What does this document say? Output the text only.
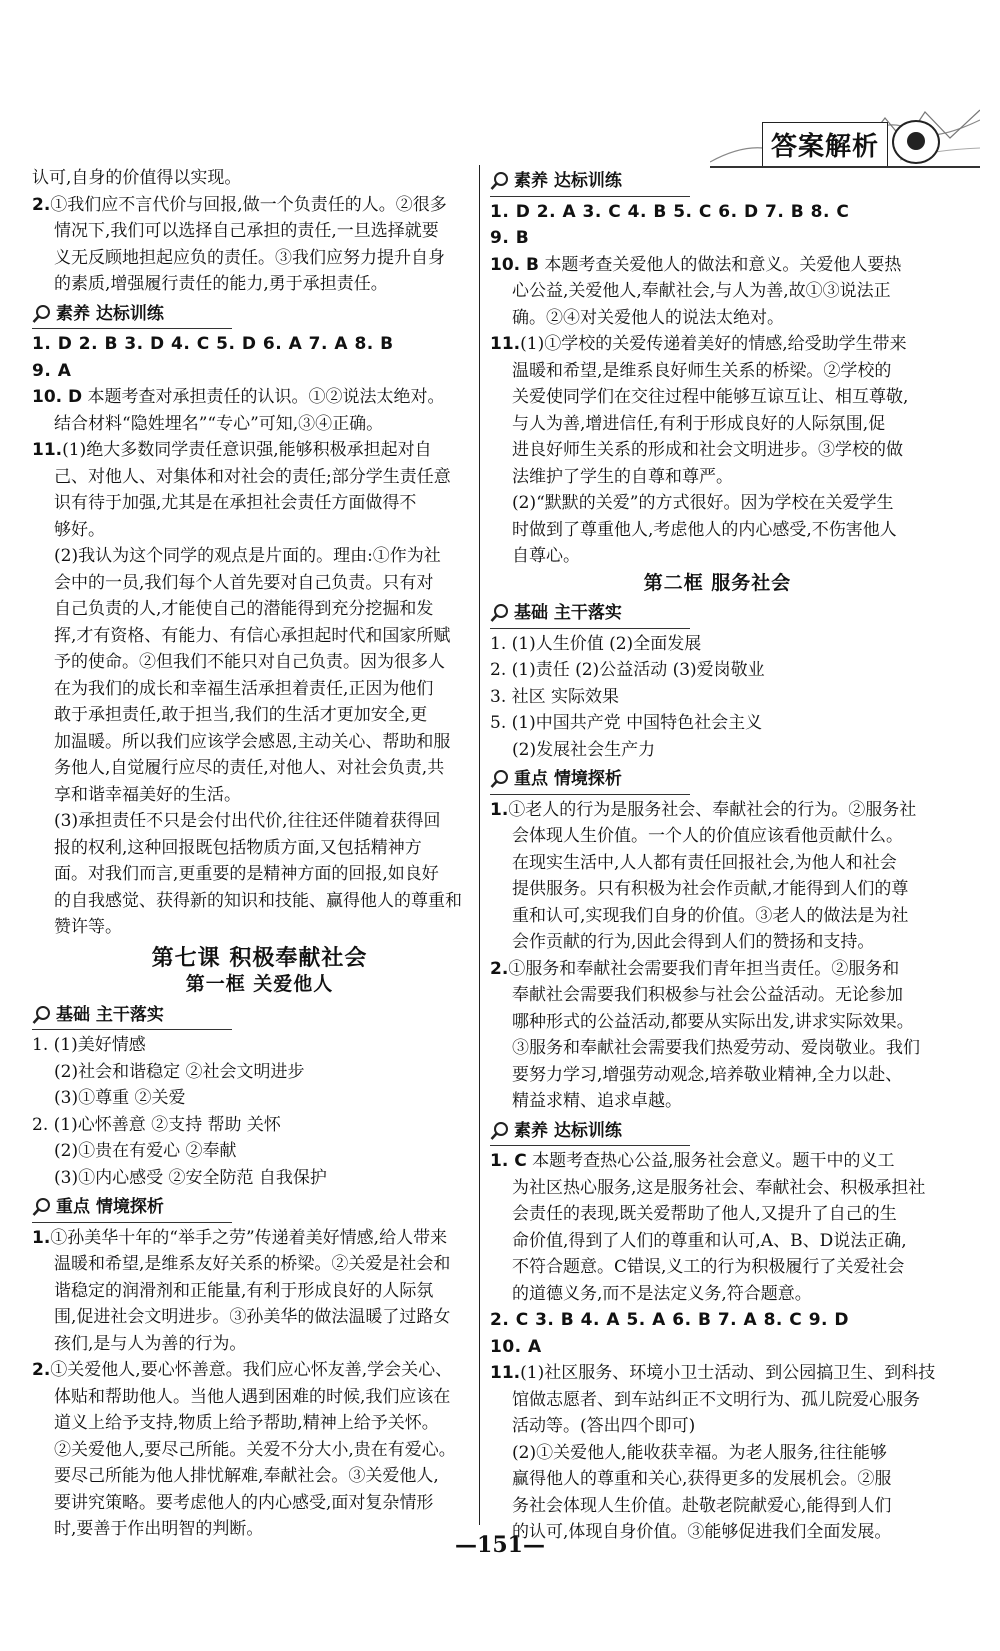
答案解析

认可,自身的价值得以实现。

2.①我们应不言代价与回报,做一个负责任的人。②很多

情况下,我们可以选择自己承担的责任,一旦选择就要

义无反顾地担起应负的责任。③我们应努力提升自身

的素质,增强履行责任的能力,勇于承担责任。

素养 达标训练

1. D 2. B 3. D 4. C 5. D 6. A 7. A 8. B

9. A

10. D 本题考查对承担责任的认识。①②说法太绝对。

结合材料“隐姓埋名”“专心”可知,③④正确。

11.(1)绝大多数同学责任意识强,能够积极承担起对自

己、对他人、对集体和对社会的责任;部分学生责任意

识有待于加强,尤其是在承担社会责任方面做得不

够好。

(2)我认为这个同学的观点是片面的。理由:①作为社

会中的一员,我们每个人首先要对自己负责。只有对

自己负责的人,才能使自己的潜能得到充分挖掘和发

挥,才有资格、有能力、有信心承担起时代和国家所赋

予的使命。②但我们不能只对自己负责。因为很多人

在为我们的成长和幸福生活承担着责任,正因为他们

敢于承担责任,敢于担当,我们的生活才更加安全,更

加温暖。所以我们应该学会感恩,主动关心、帮助和服

务他人,自觉履行应尽的责任,对他人、对社会负责,共

享和谐幸福美好的生活。

(3)承担责任不只是会付出代价,往往还伴随着获得回

报的权利,这种回报既包括物质方面,又包括精神方

面。对我们而言,更重要的是精神方面的回报,如良好

的自我感觉、获得新的知识和技能、赢得他人的尊重和

赞许等。

第七课 积极奉献社会
第一框 关爱他人
基础 主干落实

1. (1)美好情感

(2)社会和谐稳定 ②社会文明进步

(3)①尊重 ②关爱

2. (1)心怀善意 ②支持 帮助 关怀

(2)①贵在有爱心 ②奉献

(3)①内心感受 ②安全防范 自我保护

重点 情境探析

1.①孙美华十年的“举手之劳”传递着美好情感,给人带来

温暖和希望,是维系友好关系的桥梁。②关爱是社会和

谐稳定的润滑剂和正能量,有利于形成良好的人际氛

围,促进社会文明进步。③孙美华的做法温暖了过路女

孩们,是与人为善的行为。

2.①关爱他人,要心怀善意。我们应心怀友善,学会关心、

体贴和帮助他人。当他人遇到困难的时候,我们应该在

道义上给予支持,物质上给予帮助,精神上给予关怀。

②关爱他人,要尽己所能。关爱不分大小,贵在有爱心。

要尽己所能为他人排忧解难,奉献社会。③关爱他人,

要讲究策略。要考虑他人的内心感受,面对复杂情形

时,要善于作出明智的判断。

素养 达标训练

1. D 2. A 3. C 4. B 5. C 6. D 7. B 8. C

9. B

10. B 本题考查关爱他人的做法和意义。关爱他人要热

心公益,关爱他人,奉献社会,与人为善,故①③说法正

确。②④对关爱他人的说法太绝对。

11.(1)①学校的关爱传递着美好的情感,给受助学生带来

温暖和希望,是维系良好师生关系的桥梁。②学校的

关爱使同学们在交往过程中能够互谅互让、相互尊敬,

与人为善,增进信任,有利于形成良好的人际氛围,促

进良好师生关系的形成和社会文明进步。③学校的做

法维护了学生的自尊和尊严。

(2)“默默的关爱”的方式很好。因为学校在关爱学生

时做到了尊重他人,考虑他人的内心感受,不伤害他人

自尊心。

第二框 服务社会
基础 主干落实

1. (1)人生价值 (2)全面发展

2. (1)责任 (2)公益活动 (3)爱岗敬业

3. 社区 实际效果

5. (1)中国共产党 中国特色社会主义

(2)发展社会生产力

重点 情境探析

1.①老人的行为是服务社会、奉献社会的行为。②服务社

会体现人生价值。一个人的价值应该看他贡献什么。

在现实生活中,人人都有责任回报社会,为他人和社会

提供服务。只有积极为社会作贡献,才能得到人们的尊

重和认可,实现我们自身的价值。③老人的做法是为社

会作贡献的行为,因此会得到人们的赞扬和支持。

2.①服务和奉献社会需要我们青年担当责任。②服务和

奉献社会需要我们积极参与社会公益活动。无论参加

哪种形式的公益活动,都要从实际出发,讲求实际效果。

③服务和奉献社会需要我们热爱劳动、爱岗敬业。我们

要努力学习,增强劳动观念,培养敬业精神,全力以赴、

精益求精、追求卓越。

素养 达标训练

1. C 本题考查热心公益,服务社会意义。题干中的义工

为社区热心服务,这是服务社会、奉献社会、积极承担社

会责任的表现,既关爱帮助了他人,又提升了自己的生

命价值,得到了人们的尊重和认可,A、B、D说法正确,

不符合题意。C错误,义工的行为积极履行了关爱社会

的道德义务,而不是法定义务,符合题意。

2. C 3. B 4. A 5. A 6. B 7. A 8. C 9. D

10. A

11.(1)社区服务、环境小卫士活动、到公园搞卫生、到科技

馆做志愿者、到车站纠正不文明行为、孤儿院爱心服务

活动等。(答出四个即可)

(2)①关爱他人,能收获幸福。为老人服务,往往能够

赢得他人的尊重和关心,获得更多的发展机会。②服

务社会体现人生价值。赴敬老院献爱心,能得到人们

的认可,体现自身价值。③能够促进我们全面发展。

—151—
